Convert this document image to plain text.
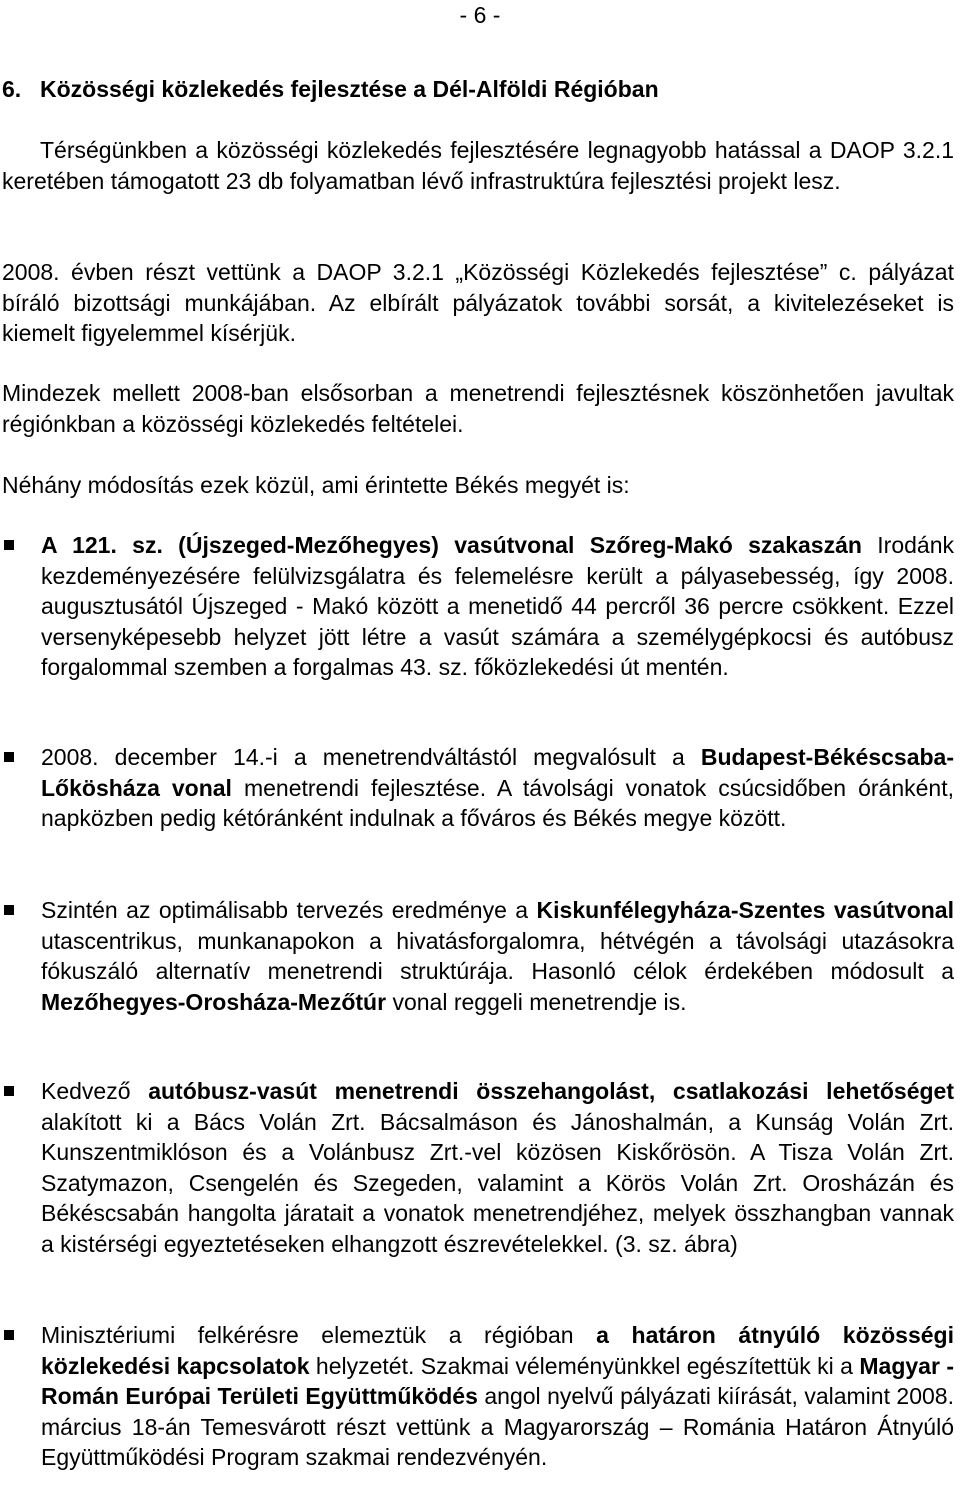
- 6 -
6. Közösségi közlekedés fejlesztése a Dél-Alföldi Régióban
Térségünkben a közösségi közlekedés fejlesztésére legnagyobb hatással a DAOP 3.2.1 keretében támogatott 23 db folyamatban lévő infrastruktúra fejlesztési projekt lesz.
2008. évben részt vettünk a DAOP 3.2.1 „Közösségi Közlekedés fejlesztése” c. pályázat bíráló bizottsági munkájában. Az elbírált pályázatok további sorsát, a kivitelezéseket is kiemelt figyelemmel kísérjük.
Mindezek mellett 2008-ban elsősorban a menetrendi fejlesztésnek köszönhetően javultak régiónkban a közösségi közlekedés feltételei.
Néhány módosítás ezek közül, ami érintette Békés megyét is:
A 121. sz. (Újszeged-Mezőhegyes) vasútvonal Szőreg-Makó szakaszán Irodánk kezdeményezésére felülvizsgálatra és felemelésre került a pályasebesség, így 2008. augusztusától Újszeged - Makó között a menetidő 44 percről 36 percre csökkent. Ezzel versenyképesebb helyzet jött létre a vasút számára a személygépkocsi és autóbusz forgalommal szemben a forgalmas 43. sz. főközlekedési út mentén.
2008. december 14.-i a menetrendváltástól megvalósult a Budapest-Békéscsaba-Lőkösháza vonal menetrendi fejlesztése. A távolsági vonatok csúcsidőben óránként, napközben pedig kétóránként indulnak a főváros és Békés megye között.
Szintén az optimálisabb tervezés eredménye a Kiskunfélegyháza-Szentes vasútvonal utascentrikus, munkanapokon a hivatásforgalomra, hétvégén a távolsági utazásokra fókuszáló alternatív menetrendi struktúrája. Hasonló célok érdekében módosult a Mezőhegyes-Orosháza-Mezőtúr vonal reggeli menetrendje is.
Kedvező autóbusz-vasút menetrendi összehangolást, csatlakozási lehetőséget alakított ki a Bács Volán Zrt. Bácsalmáson és Jánoshalmán, a Kunság Volán Zrt. Kunszentmiklóson és a Volánbusz Zrt.-vel közösen Kiskőrösön. A Tisza Volán Zrt. Szatymazon, Csengelén és Szegeden, valamint a Körös Volán Zrt. Orosházán és Békéscsabán hangolta járatait a vonatok menetrendjéhez, melyek összhangban vannak a kistérségi egyeztetéseken elhangzott észrevételekkel. (3. sz. ábra)
Minisztériumi felkérésre elemeztük a régióban a határon átnyúló közösségi közlekedési kapcsolatok helyzetét. Szakmai véleményünkkel egészítettük ki a Magyar - Román Európai Területi Együttműködés angol nyelvű pályázati kiírását, valamint 2008. március 18-án Temesvárott részt vettünk a Magyarország – Románia Határon Átnyúló Együttműködési Program szakmai rendezvényén.
